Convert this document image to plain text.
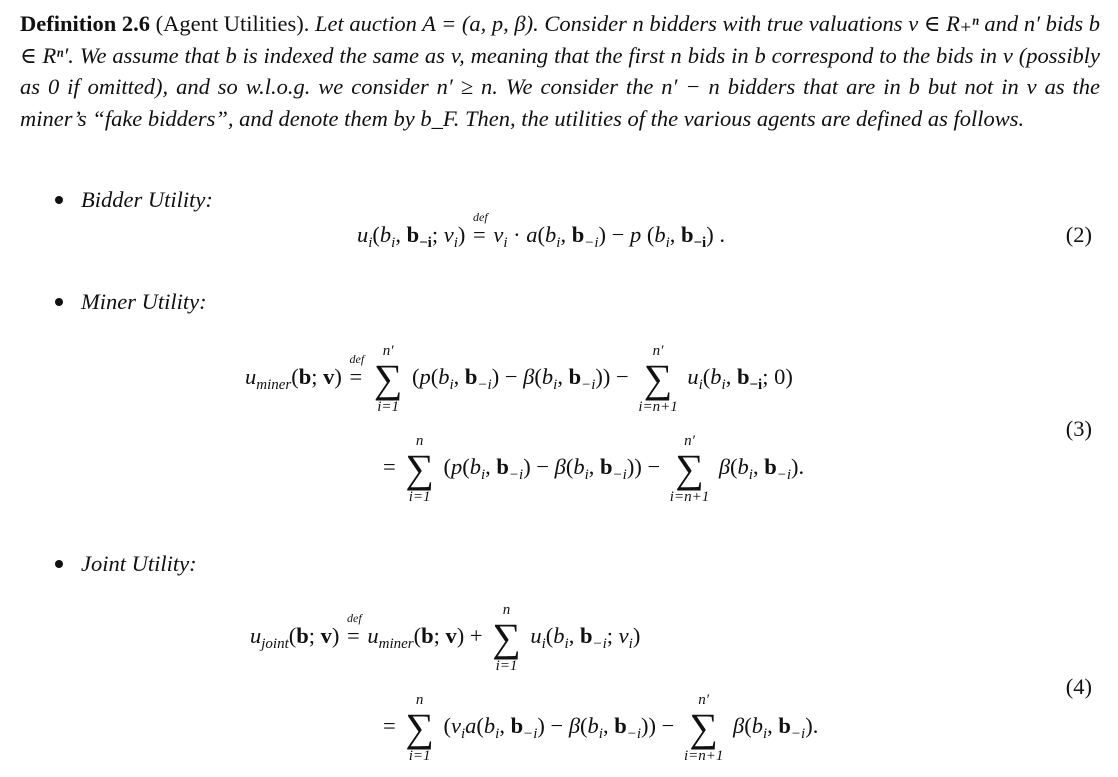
Definition 2.6 (Agent Utilities). Let auction A = (a, p, β). Consider n bidders with true valuations v ∈ R₊ⁿ and n′ bids b ∈ Rⁿ′. We assume that b is indexed the same as v, meaning that the first n bids in b correspond to the bids in v (possibly as 0 if omitted), and so w.l.o.g. we consider n′ ≥ n. We consider the n′ − n bidders that are in b but not in v as the miner’s “fake bidders”, and denote them by b_F. Then, the utilities of the various agents are defined as follows.
Bidder Utility:
$u_i(b_i$, $b_{-i}$; $v_i$)
def
= $v_i \cdot a(b_i$, $b_{-i}) - p$ ($b_i$, $b_{-i}$) .	(2)
Miner Utility:
$u_{miner}(b$; v)
def
=
n′
∑
i=1
($p(b_i$, $b_{-i}) - \beta(b_i$, $b_{-i}$)) −
n′
∑
i=n+1
$u_i(b_i$, $b_{-i}$; 0)
=
n
∑
i=1
($p(b_i$, $b_{-i}) - \beta(b_i$, $b_{-i}$)) −
n′
∑
i=n+1
$\beta(b_i$, $b_{-i}$).
(3)
Joint Utility:
$u_{joint}(b$; v)
def
= $u_{miner}(b$; v) +
n
∑
i=1
$u_i(b_i$, $b_{-i}$; $v_i$)
=
n
∑
i=1
($v_ia(b_i$, $b_{-i}) - \beta(b_i$, $b_{-i}$)) −
n′
∑
i=n+1
$\beta(b_i$, $b_{-i}$).
(4)
